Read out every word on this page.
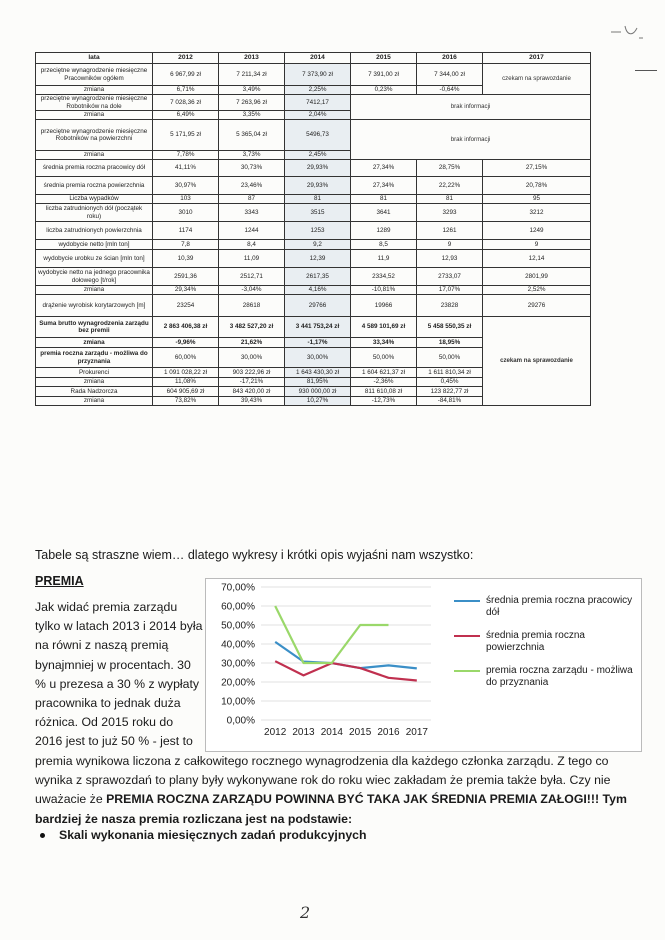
lata	2012	2013	2014	2015	2016	2017
przeciętne wynagrodzenie miesięczne Pracowników ogółem	6 967,99 zł	7 211,34 zł	7 373,90 zł	7 391,00 zł	7 344,00 zł	czekam na sprawozdanie
zmiana	6,71%	3,49%	2,25%	0,23%	-0,64%	
przeciętne wynagrodzenie miesięczne Robotników na dole	7 028,36 zł	7 263,96 zł	7412,17	brak informacji		
zmiana	6,49%	3,35%	2,04%			
przeciętne wynagrodzenie miesięczne Robotników na powierzchni	5 171,95 zł	5 365,04 zł	5496,73	brak informacji		
zmiana	7,78%	3,73%	2,45%			
średnia premia roczna pracowicy dół	41,11%	30,73%	29,93%	27,34%	28,75%	27,15%
średnia premia roczna powierzchnia	30,97%	23,46%	29,93%	27,34%	22,22%	20,78%
Liczba wypadków	103	87	81	81	81	95
liczba zatrudnionych dół (początek roku)	3010	3343	3515	3641	3293	3212
liczba zatrudnionych powierzchnia	1174	1244	1253	1289	1261	1249
wydobycie netto [mln ton]	7,8	8,4	9,2	8,5	9	9
wydobycie urobku ze ścian [mln ton]	10,39	11,09	12,39	11,9	12,93	12,14
wydobycie netto na jednego pracownika dołowego [t/rok]	2591,36	2512,71	2617,35	2334,52	2733,07	2801,99
zmiana	29,34%	-3,04%	4,16%	-10,81%	17,07%	2,52%
drążenie wyrobisk korytarzowych [m]	23254	28618	29766	19966	23828	29276
Suma brutto wynagrodzenia zarządu bez premii	2 863 406,38 zł	3 482 527,20 zł	3 441 753,24 zł	4 589 101,69 zł	5 458 550,35 zł	czekam na sprawozdanie
zmiana	-9,96%	21,62%	-1,17%	33,34%	18,95%	
premia roczna zarządu - możliwa do przyznania	60,00%	30,00%	30,00%	50,00%	50,00%	
Prokurenci	1 091 028,22 zł	903 222,96 zł	1 643 430,30 zł	1 604 621,37 zł	1 611 810,34 zł	
zmiana	11,08%	-17,21%	81,95%	-2,36%	0,45%	
Rada Nadzorcza	604 905,69 zł	843 420,00 zł	930 000,00 zł	811 610,08 zł	123 822,77 zł	
zmiana	73,82%	39,43%	10,27%	-12,73%	-84,81%	
Tabele są straszne wiem… dlatego wykresy i krótki opis wyjaśni nam wszystko:
PREMIA
Jak widać premia zarządu tylko w latach 2013 i 2014 była na równi z naszą premią bynajmniej w procentach. 30 % u prezesa a 30 % z wypłaty pracownika to jednak duża różnica. Od 2015 roku do 2016 jest to już 50 % - jest to
0,00%
10,00%
20,00%
30,00%
40,00%
50,00%
60,00%
70,00%
2012 2013 2014 2015 2016 2017
średnia premia roczna pracowicy dół
średnia premia roczna powierzchnia
premia roczna zarządu - możliwa do przyznania
premia wynikowa liczona z całkowitego rocznego wynagrodzenia dla każdego członka zarządu. Z tego co wynika z sprawozdań to plany były wykonywane rok do roku wiec zakładam że premia także była. Czy nie uważacie że PREMIA ROCZNA ZARZĄDU POWINNA BYĆ TAKA JAK ŚREDNIA PREMIA ZAŁOGI!!! Tym bardziej że nasza premia rozliczana jest na podstawie:
Skali wykonania miesięcznych zadań produkcyjnych
2
